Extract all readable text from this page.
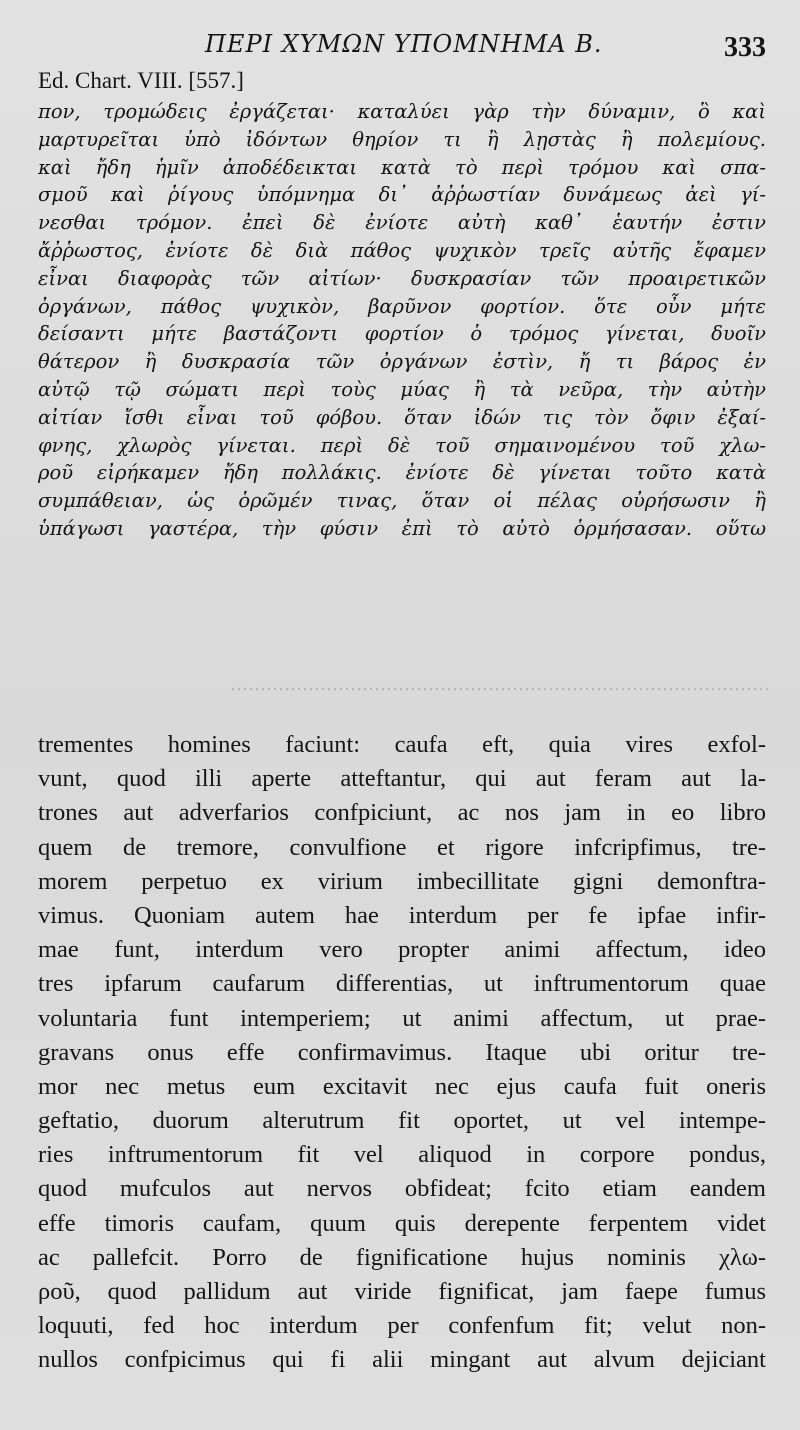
ΠΕΡΙ ΧΥΜΩΝ ΥΠΟΜΝΗΜΑ Β.	333
Ed. Chart. VIII. [557.]
πον, τρομώδεις ἐργάζεται· καταλύει γὰρ τὴν δύναμιν, ὃ καὶ
μαρτυρεῖται ὑπὸ ἰδόντων θηρίον τι ἢ λῃστὰς ἢ πολεμίους.
καὶ ἤδη ἡμῖν ἀποδέδεικται κατὰ τὸ περὶ τρόμου καὶ σπα-
σμοῦ καὶ ῥίγους ὑπόμνημα δι᾽ ἀῤῥωστίαν δυνάμεως ἀεὶ γί-
νεσθαι τρόμον. ἐπεὶ δὲ ἐνίοτε αὐτὴ καθ᾽ ἑαυτήν ἐστιν
ἄῤῥωστος, ἐνίοτε δὲ διὰ πάθος ψυχικὸν τρεῖς αὐτῆς ἔφαμεν
εἶναι διαφορὰς τῶν αἰτίων· δυσκρασίαν τῶν προαιρετικῶν
ὀργάνων, πάθος ψυχικὸν, βαρῦνον φορτίον. ὅτε οὖν μήτε
δείσαντι μήτε βαστάζοντι φορτίον ὁ τρόμος γίνεται, δυοῖν
θάτερον ἢ δυσκρασία τῶν ὀργάνων ἐστὶν, ἤ τι βάρος ἐν
αὐτῷ τῷ σώματι περὶ τοὺς μύας ἢ τὰ νεῦρα, τὴν αὐτὴν
αἰτίαν ἴσθι εἶναι τοῦ φόβου. ὅταν ἰδών τις τὸν ὄφιν ἐξαί-
φνης, χλωρὸς γίνεται. περὶ δὲ τοῦ σημαινομένου τοῦ χλω-
ροῦ εἰρήκαμεν ἤδη πολλάκις. ἐνίοτε δὲ γίνεται τοῦτο κατὰ
συμπάθειαν, ὡς ὁρῶμέν τινας, ὅταν οἱ πέλας οὐρήσωσιν ἢ
ὑπάγωσι γαστέρα, τὴν φύσιν ἐπὶ τὸ αὐτὸ ὁρμήσασαν. οὕτω
………………………………………………………………………………
trementes homines faciunt: caufa eft, quia vires exfol-
vunt, quod illi aperte atteftantur, qui aut feram aut la-
trones aut adverfarios confpiciunt, ac nos jam in eo libro
quem de tremore, convulfione et rigore infcripfimus, tre-
morem perpetuo ex virium imbecillitate gigni demonftra-
vimus. Quoniam autem hae interdum per fe ipfae infir-
mae funt, interdum vero propter animi affectum, ideo
tres ipfarum caufarum differentias, ut inftrumentorum quae
voluntaria funt intemperiem; ut animi affectum, ut prae-
gravans onus effe confirmavimus. Itaque ubi oritur tre-
mor nec metus eum excitavit nec ejus caufa fuit oneris
geftatio, duorum alterutrum fit oportet, ut vel intempe-
ries inftrumentorum fit vel aliquod in corpore pondus,
quod mufculos aut nervos obfideat; fcito etiam eandem
effe timoris caufam, quum quis derepente ferpentem videt
ac pallefcit. Porro de fignificatione hujus nominis χλω-
ροῦ, quod pallidum aut viride fignificat, jam faepe fumus
loquuti, fed hoc interdum per confenfum fit; velut non-
nullos confpicimus qui fi alii mingant aut alvum dejiciant
